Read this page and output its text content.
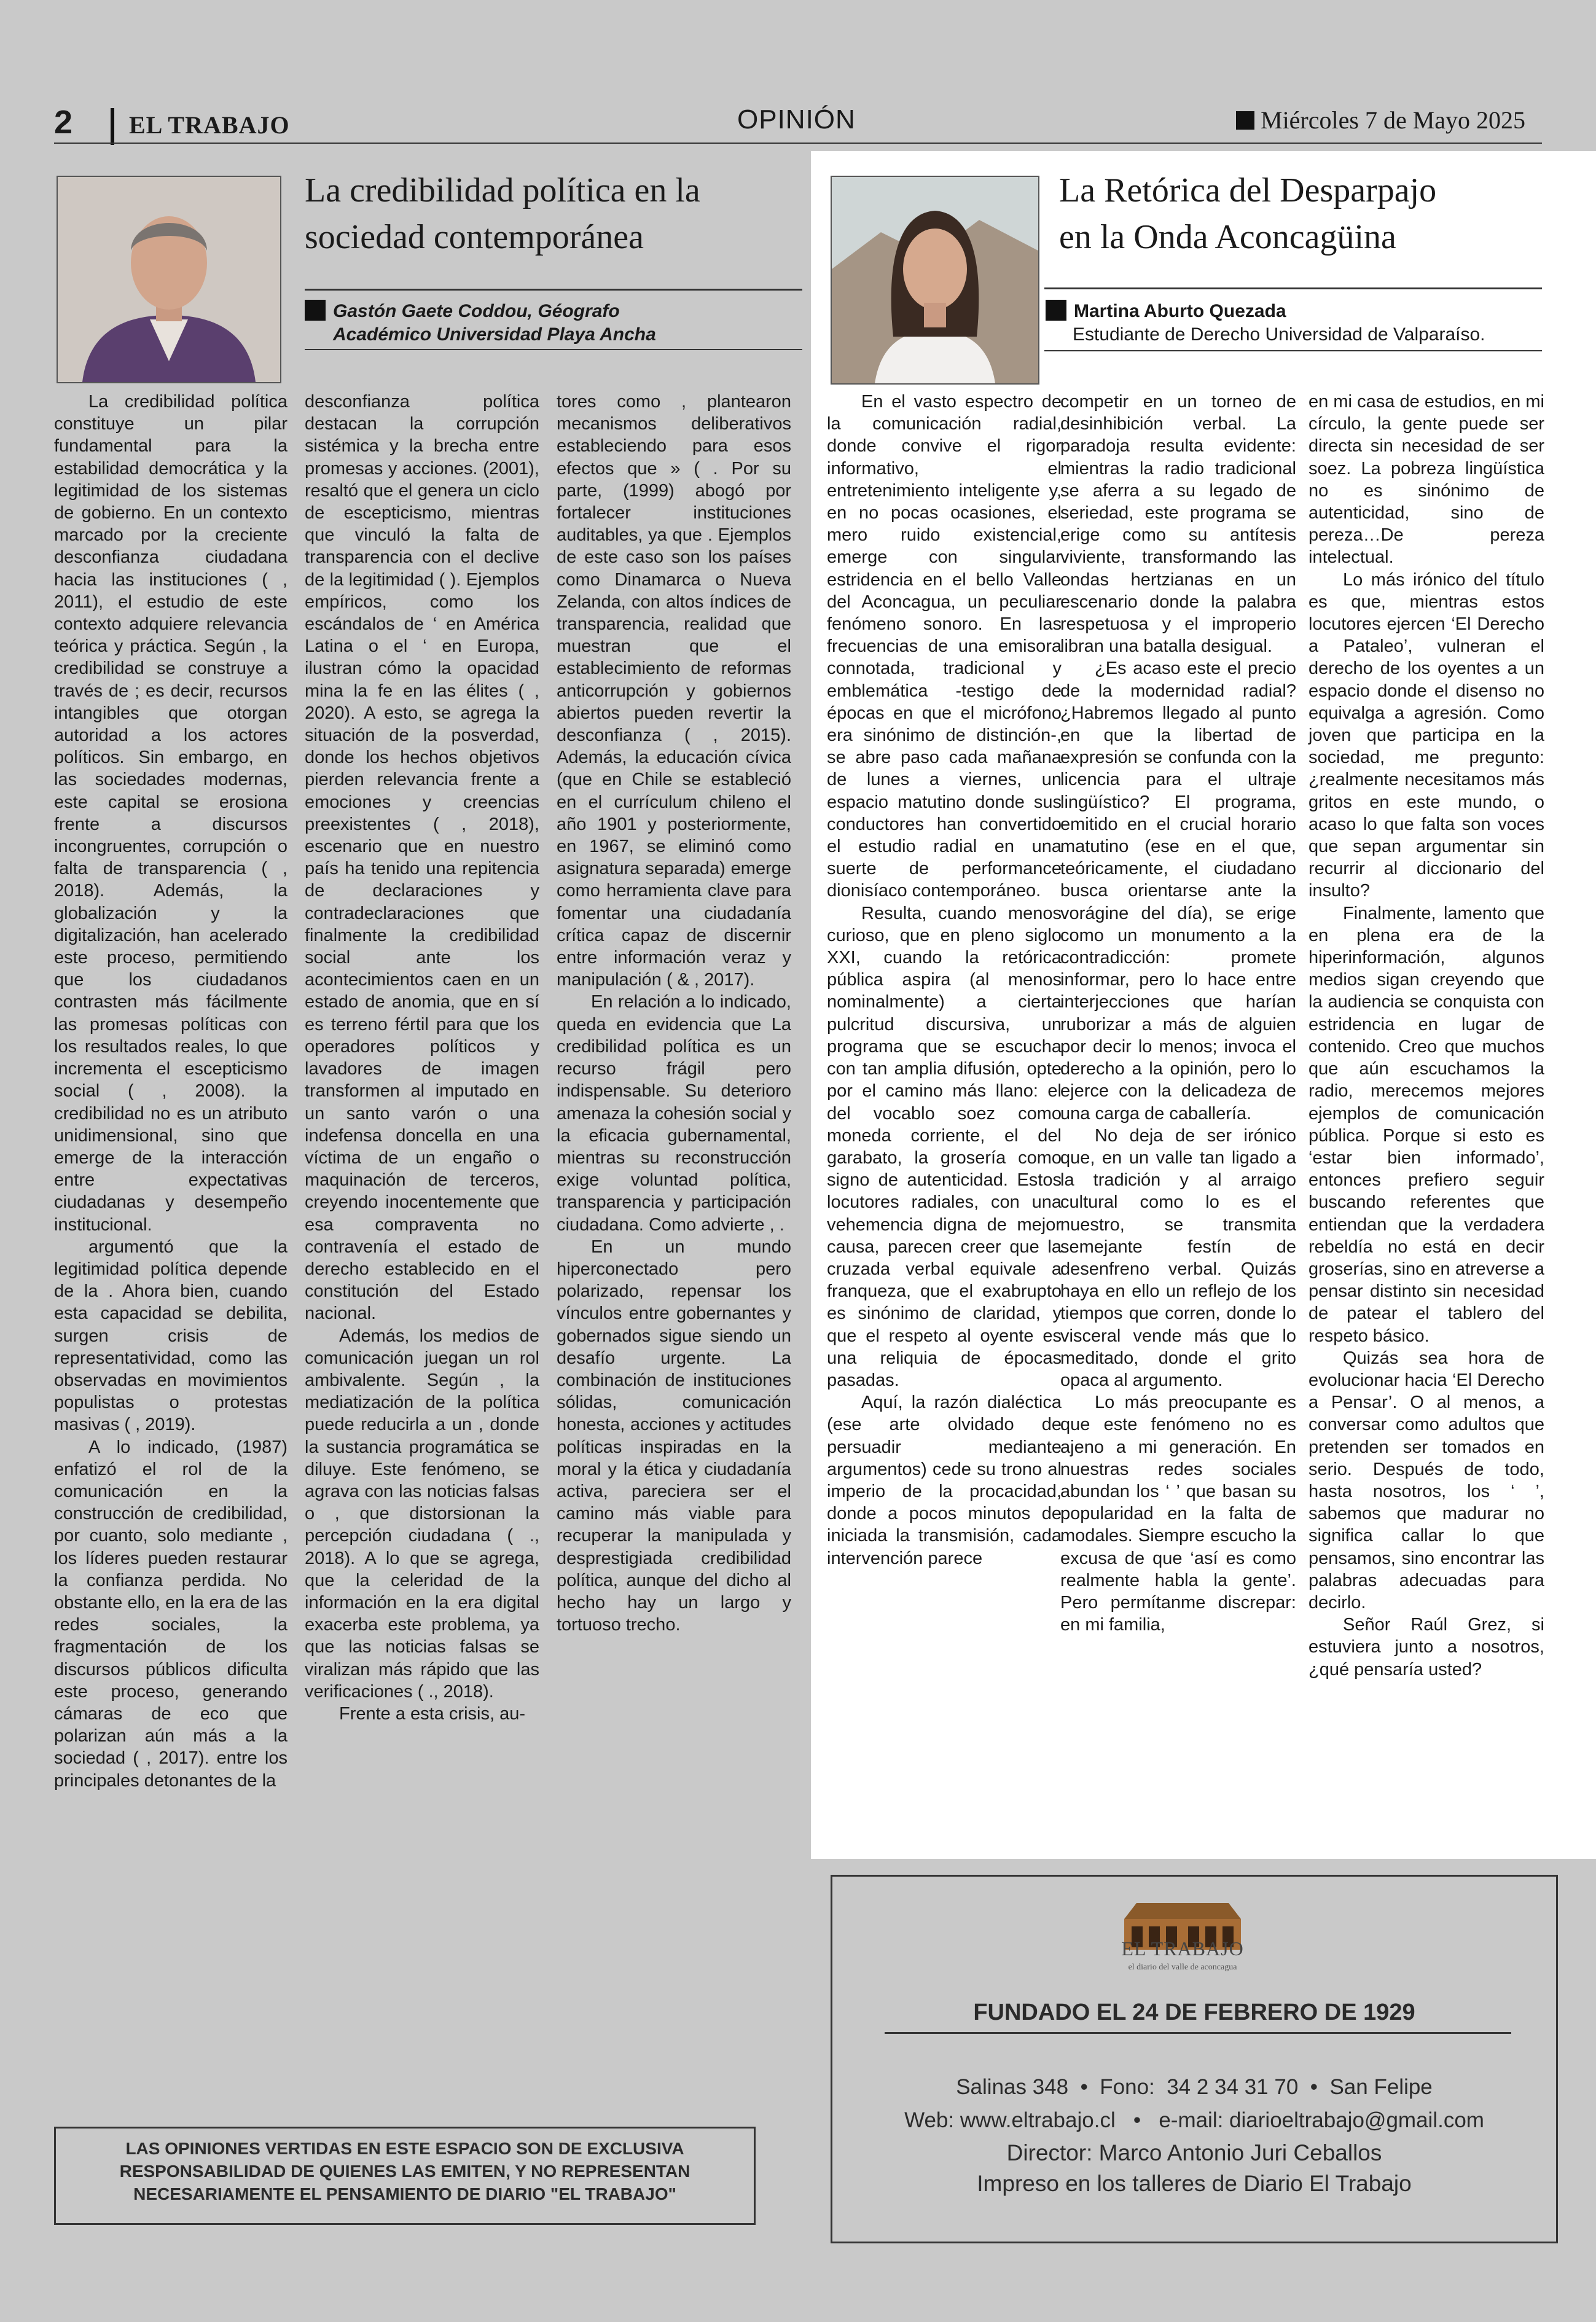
2 EL TRABAJO	OPINIÓN	Miércoles 7 de Mayo 2025
La credibilidad política en la
sociedad contemporánea
Gastón Gaete Coddou, Géografo
Académico Universidad Playa Ancha

La credibilidad política constituye un pilar fundamental para la estabilidad democrática y la legitimidad de los sistemas de gobierno. En un contexto marcado por la creciente desconfianza ciudadana hacia las instituciones ( , 2011), el estudio de este contexto adquiere relevancia teórica y práctica. Según , la credibilidad se construye a través de ; es decir, recursos intangibles que otorgan autoridad a los actores políticos. Sin embargo, en las sociedades modernas, este capital se erosiona frente a discursos incongruentes, corrupción o falta de transparencia ( , 2018). Además, la globalización y la digitalización, han acelerado este proceso, permitiendo que los ciudadanos contrasten más fácilmente las promesas políticas con los resultados reales, lo que incrementa el escepticismo social ( , 2008). la credibilidad no es un atributo unidimensional, sino que emerge de la interacción entre expectativas ciudadanas y desempeño institucional.

argumentó que la legitimidad política depende de la . Ahora bien, cuando esta capacidad se debilita, surgen crisis de representatividad, como las observadas en movimientos populistas o protestas masivas ( , 2019).

A lo indicado, (1987) enfatizó el rol de la comunicación en la construcción de credibilidad, por cuanto, solo mediante , los líderes pueden restaurar la confianza perdida. No obstante ello, en la era de las redes sociales, la fragmentación de los discursos públicos dificulta este proceso, generando cámaras de eco que polarizan aún más a la sociedad ( , 2017). entre los principales detonantes de la

desconfianza política destacan la corrupción sistémica y la brecha entre promesas y acciones. (2001), resaltó que el genera un ciclo de escepticismo, mientras que vinculó la falta de transparencia con el declive de la legitimidad ( ). Ejemplos empíricos, como los escándalos de ‘ en América Latina o el ‘ en Europa, ilustran cómo la opacidad mina la fe en las élites ( , 2020). A esto, se agrega la situación de la posverdad, donde los hechos objetivos pierden relevancia frente a emociones y creencias preexistentes ( , 2018), escenario que en nuestro país ha tenido una repitencia de declaraciones y contradeclaraciones que finalmente la credibilidad social ante los acontecimientos caen en un estado de anomia, que en sí es terreno fértil para que los operadores políticos y lavadores de imagen transformen al imputado en un santo varón o una indefensa doncella en una víctima de un engaño o maquinación de terceros, creyendo inocentemente que esa compraventa no contravenía el estado de derecho establecido en el constitución del Estado nacional.

Además, los medios de comunicación juegan un rol ambivalente. Según , la mediatización de la política puede reducirla a un , donde la sustancia programática se diluye. Este fenómeno, se agrava con las noticias falsas o , que distorsionan la percepción ciudadana ( ., 2018). A lo que se agrega, que la celeridad de la información en la era digital exacerba este problema, ya que las noticias falsas se viralizan más rápido que las verificaciones ( ., 2018).

Frente a esta crisis, au-

tores como , plantearon mecanismos deliberativos estableciendo para esos efectos que » ( . Por su parte, (1999) abogó por fortalecer instituciones auditables, ya que . Ejemplos de este caso son los países como Dinamarca o Nueva Zelanda, con altos índices de transparencia, realidad que muestran que el establecimiento de reformas anticorrupción y gobiernos abiertos pueden revertir la desconfianza ( , 2015). Además, la educación cívica (que en Chile se estableció en el currículum chileno el año 1901 y posteriormente, en 1967, se eliminó como asignatura separada) emerge como herramienta clave para fomentar una ciudadanía crítica capaz de discernir entre información veraz y manipulación ( & , 2017).

En relación a lo indicado, queda en evidencia que La credibilidad política es un recurso frágil pero indispensable. Su deterioro amenaza la cohesión social y la eficacia gubernamental, mientras su reconstrucción exige voluntad política, transparencia y participación ciudadana. Como advierte , .

En un mundo hiperconectado pero polarizado, repensar los vínculos entre gobernantes y gobernados sigue siendo un desafío urgente. La combinación de instituciones sólidas, comunicación honesta, acciones y actitudes políticas inspiradas en la moral y la ética y ciudadanía activa, pareciera ser el camino más viable para recuperar la manipulada y desprestigiada credibilidad política, aunque del dicho al hecho hay un largo y tortuoso trecho.

La Retórica del Desparpajo
en la Onda Aconcagüina
Martina Aburto Quezada
Estudiante de Derecho Universidad de Valparaíso.

En el vasto espectro de la comunicación radial, donde convive el rigor informativo, el entretenimiento inteligente y, en no pocas ocasiones, el mero ruido existencial, emerge con singular estridencia en el bello Valle del Aconcagua, un peculiar fenómeno sonoro. En las frecuencias de una emisora connotada, tradicional y emblemática -testigo de épocas en que el micrófono era sinónimo de distinción-, se abre paso cada mañana de lunes a viernes, un espacio matutino donde sus conductores han convertido el estudio radial en una suerte de performance dionisíaco contemporáneo.

Resulta, cuando menos curioso, que en pleno siglo XXI, cuando la retórica pública aspira (al menos nominalmente) a cierta pulcritud discursiva, un programa que se escucha con tan amplia difusión, opte por el camino más llano: el del vocablo soez como moneda corriente, el del garabato, la grosería como signo de autenticidad. Estos locutores radiales, con una vehemencia digna de mejor causa, parecen creer que la cruzada verbal equivale a franqueza, que el exabrupto es sinónimo de claridad, y que el respeto al oyente es una reliquia de épocas pasadas.

Aquí, la razón dialéctica (ese arte olvidado de persuadir mediante argumentos) cede su trono al imperio de la procacidad, donde a pocos minutos de iniciada la transmisión, cada intervención parece

competir en un torneo de desinhibición verbal. La paradoja resulta evidente: mientras la radio tradicional se aferra a su legado de seriedad, este programa se erige como su antítesis viviente, transformando las ondas hertzianas en un escenario donde la palabra respetuosa y el improperio libran una batalla desigual.

¿Es acaso este el precio de la modernidad radial? ¿Habremos llegado al punto en que la libertad de expresión se confunda con la licencia para el ultraje lingüístico? El programa, emitido en el crucial horario matutino (ese en el que, teóricamente, el ciudadano busca orientarse ante la vorágine del día), se erige como un monumento a la contradicción: promete informar, pero lo hace entre interjecciones que harían ruborizar a más de alguien por decir lo menos; invoca el derecho a la opinión, pero lo ejerce con la delicadeza de una carga de caballería.

No deja de ser irónico que, en un valle tan ligado a la tradición y al arraigo cultural como lo es el nuestro, se transmita semejante festín de desenfreno verbal. Quizás haya en ello un reflejo de los tiempos que corren, donde lo visceral vende más que lo meditado, donde el grito opaca al argumento.

Lo más preocupante es que este fenómeno no es ajeno a mi generación. En nuestras redes sociales abundan los ‘ ’ que basan su popularidad en la falta de modales. Siempre escucho la excusa de que ‘así es como realmente habla la gente’. Pero permítanme discrepar: en mi familia,

en mi casa de estudios, en mi círculo, la gente puede ser directa sin necesidad de ser soez. La pobreza lingüística no es sinónimo de autenticidad, sino de pereza…De pereza intelectual.

Lo más irónico del título es que, mientras estos locutores ejercen ‘El Derecho a Pataleo’, vulneran el derecho de los oyentes a un espacio donde el disenso no equivalga a agresión. Como joven que participa en la sociedad, me pregunto: ¿realmente necesitamos más gritos en este mundo, o acaso lo que falta son voces que sepan argumentar sin recurrir al diccionario del insulto?

Finalmente, lamento que en plena era de la hiperinformación, algunos medios sigan creyendo que la audiencia se conquista con estridencia en lugar de contenido. Creo que muchos que aún escuchamos la radio, merecemos mejores ejemplos de comunicación pública. Porque si esto es ‘estar bien informado’, entonces prefiero seguir buscando referentes que entiendan que la verdadera rebeldía no está en decir groserías, sino en atreverse a pensar distinto sin necesidad de patear el tablero del respeto básico.

Quizás sea hora de evolucionar hacia ‘El Derecho a Pensar’. O al menos, a conversar como adultos que pretenden ser tomados en serio. Después de todo, hasta nosotros, los ‘ ’, sabemos que madurar no significa callar lo que pensamos, sino encontrar las palabras adecuadas para decirlo.

Señor Raúl Grez, si estuviera junto a nosotros, ¿qué pensaría usted?

LAS OPINIONES VERTIDAS EN ESTE ESPACIO SON DE EXCLUSIVA
RESPONSABILIDAD DE QUIENES LAS EMITEN, Y NO REPRESENTAN
NECESARIAMENTE EL PENSAMIENTO DE DIARIO "EL TRABAJO"
EL TRABAJO
el diario del valle de aconcagua
FUNDADO EL 24 DE FEBRERO DE 1929
Salinas 348  •  Fono:  34 2 34 31 70  •  San Felipe
Web: www.eltrabajo.cl   •   e-mail: diarioeltrabajo@gmail.com
Director: Marco Antonio Juri Ceballos
Impreso en los talleres de Diario El Trabajo
